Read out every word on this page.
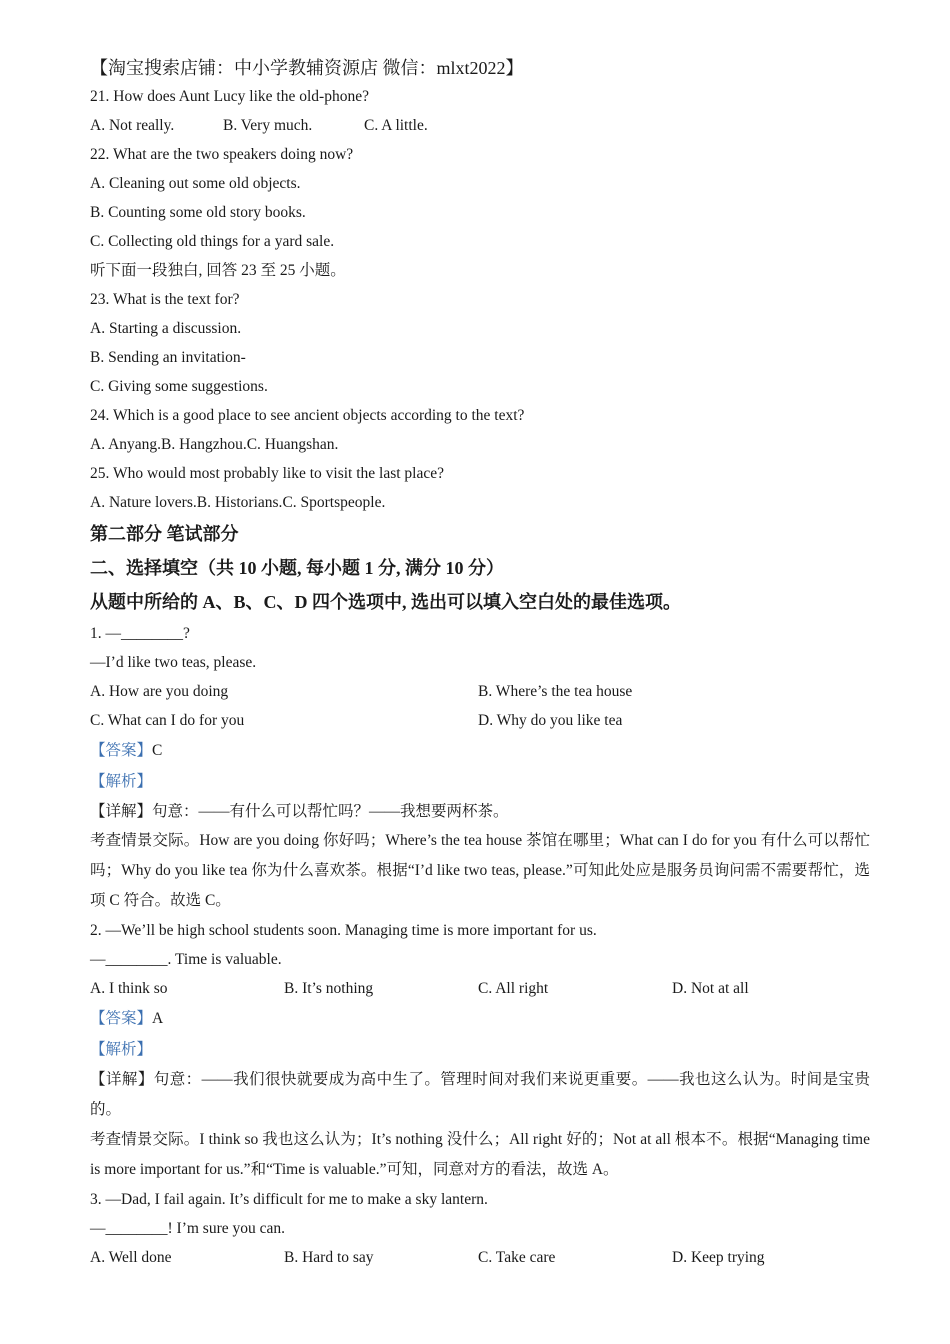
【淘宝搜索店铺：中小学教辅资源店 微信：mlxt2022】
21. How does Aunt Lucy like the old-phone?
A. Not really.	B. Very much.	C. A little.
22. What are the two speakers doing now?
A. Cleaning out some old objects.
B. Counting some old story books.
C. Collecting old things for a yard sale.
听下面一段独白, 回答 23 至 25 小题。
23. What is the text for?
A. Starting a discussion.
B. Sending an invitation-
C. Giving some suggestions.
24. Which is a good place to see ancient objects according to the text?
A. Anyang.B. Hangzhou.C. Huangshan.
25. Who would most probably like to visit the last place?
A. Nature lovers.B. Historians.C. Sportspeople.
第二部分 笔试部分
二、选择填空（共 10 小题, 每小题 1 分, 满分 10 分）
从题中所给的 A、B、C、D 四个选项中, 选出可以填入空白处的最佳选项。
1. —________?
—I’d like two teas, please.
A. How are you doing	B. Where’s the tea house
C. What can I do for you	D. Why do you like tea
【答案】C
【解析】
【详解】句意：——有什么可以帮忙吗？——我想要两杯茶。
考查情景交际。How are you doing 你好吗；Where’s the tea house 茶馆在哪里；What can I do for you 有什么可以帮忙吗；Why do you like tea 你为什么喜欢茶。根据“I’d like two teas, please.”可知此处应是服务员询问需不需要帮忙，选项 C 符合。故选 C。
2. —We’ll be high school students soon. Managing time is more important for us.
—________. Time is valuable.
A. I think so	B. It’s nothing	C. All right	D. Not at all
【答案】A
【解析】
【详解】句意：——我们很快就要成为高中生了。管理时间对我们来说更重要。——我也这么认为。时间是宝贵的。
考查情景交际。I think so 我也这么认为；It’s nothing 没什么；All right 好的；Not at all 根本不。根据“Managing time is more important for us.”和“Time is valuable.”可知，同意对方的看法，故选 A。
3. —Dad, I fail again. It’s difficult for me to make a sky lantern.
—________! I’m sure you can.
A. Well done	B. Hard to say	C. Take care	D. Keep trying
